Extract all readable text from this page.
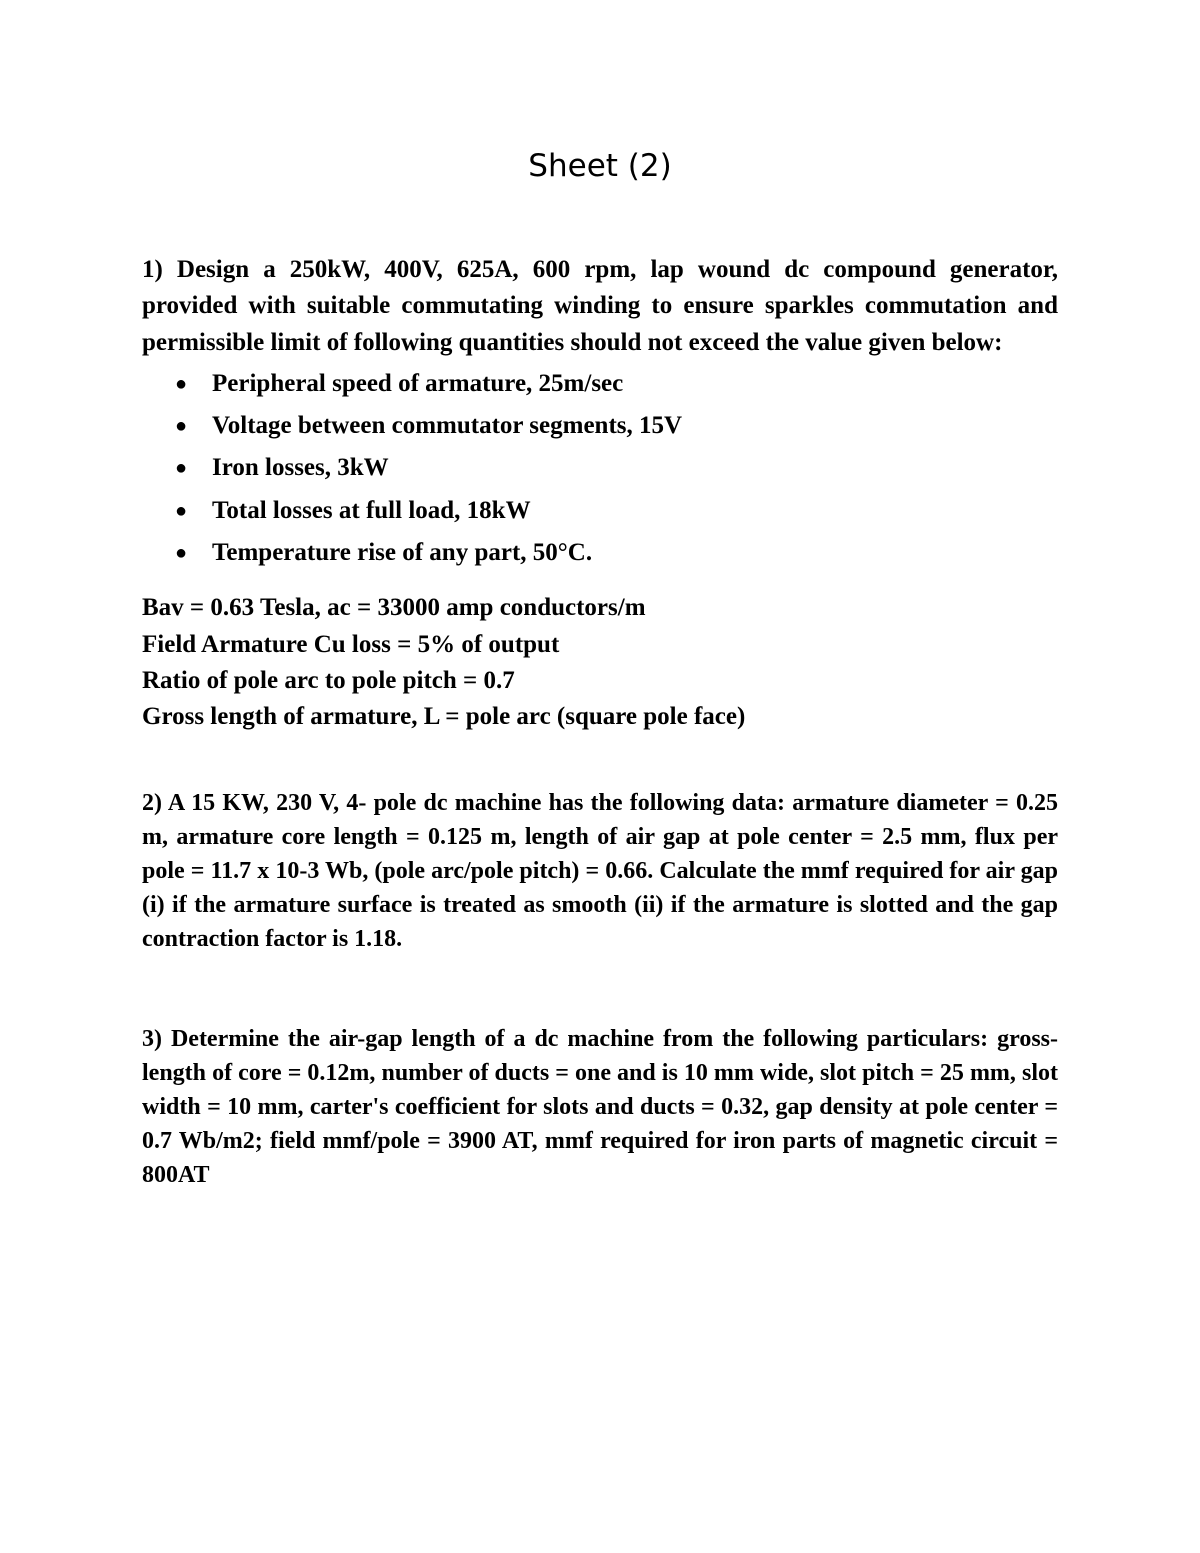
Sheet (2)

1) Design a 250kW, 400V, 625A, 600 rpm, lap wound dc compound generator, provided with suitable commutating winding to ensure sparkles commutation and permissible limit of following quantities should not exceed the value given below:

● Peripheral speed of armature, 25m/sec
● Voltage between commutator segments, 15V
● Iron losses, 3kW
● Total losses at full load, 18kW
● Temperature rise of any part, 50°C.
Bav = 0.63 Tesla, ac = 33000 amp conductors/m
Field Armature Cu loss = 5% of output
Ratio of pole arc to pole pitch = 0.7
Gross length of armature, L = pole arc (square pole face)

2) A 15 KW, 230 V, 4- pole dc machine has the following data: armature diameter = 0.25 m, armature core length = 0.125 m, length of air gap at pole center = 2.5 mm, flux per pole = 11.7 x 10-3 Wb, (pole arc/pole pitch) = 0.66. Calculate the mmf required for air gap (i) if the armature surface is treated as smooth (ii) if the armature is slotted and the gap contraction factor is 1.18.

3) Determine the air-gap length of a dc machine from the following particulars: gross-length of core = 0.12m, number of ducts = one and is 10 mm wide, slot pitch = 25 mm, slot width = 10 mm, carter's coefficient for slots and ducts = 0.32, gap density at pole center = 0.7 Wb/m2; field mmf/pole = 3900 AT, mmf required for iron parts of magnetic circuit = 800AT
